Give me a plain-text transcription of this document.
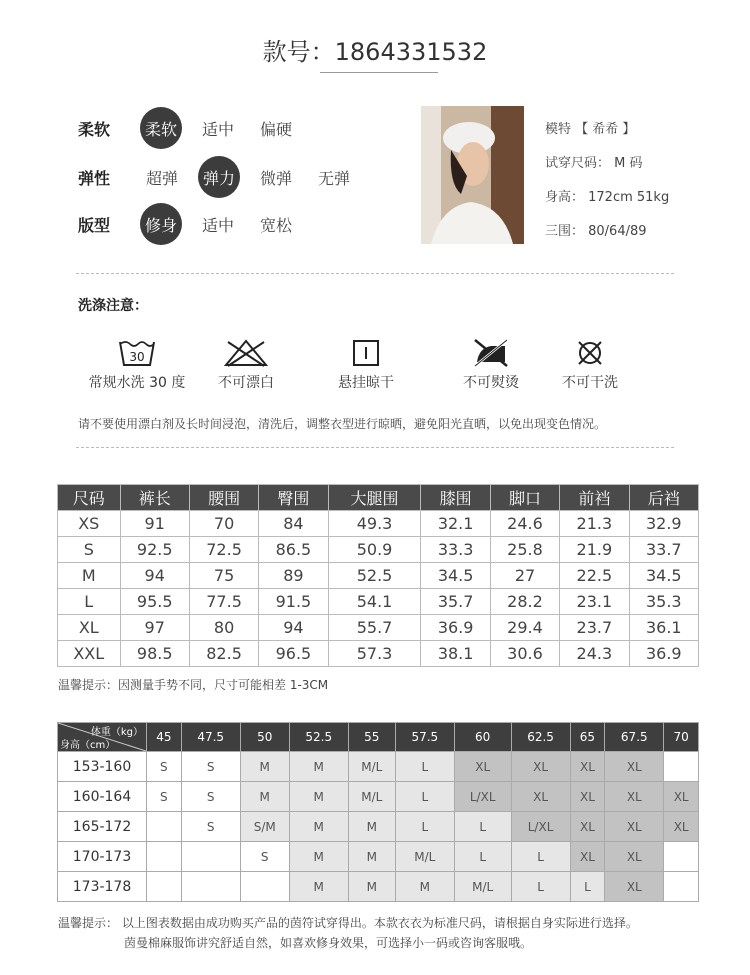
款号：1864331532
柔软	柔软	适中	偏硬
弹性	超弹	弹力	微弹	无弹
版型	修身	适中	宽松
模特 【 希希 】
试穿尺码： M 码
身高： 172cm 51kg
三围： 80/64/89
洗涤注意：
30
常规水洗 30 度	不可漂白	悬挂晾干	不可熨烫	不可干洗
请不要使用漂白剂及长时间浸泡，清洗后，调整衣型进行晾晒，避免阳光直晒，以免出现变色情况。
尺码	裤长	腰围	臀围	大腿围	膝围	脚口	前裆	后裆
XS	91	70	84	49.3	32.1	24.6	21.3	32.9
S	92.5	72.5	86.5	50.9	33.3	25.8	21.9	33.7
M	94	75	89	52.5	34.5	27	22.5	34.5
L	95.5	77.5	91.5	54.1	35.7	28.2	23.1	35.3
XL	97	80	94	55.7	36.9	29.4	23.7	36.1
XXL	98.5	82.5	96.5	57.3	38.1	30.6	24.3	36.9
温馨提示：因测量手势不同，尺寸可能相差 1-3CM
体重（kg）
身高（cm）	45	47.5	50	52.5	55	57.5	60	62.5	65	67.5	70
153-160	S	S	M	M	M/L	L	XL	XL	XL	XL	
160-164	S	S	M	M	M/L	L	L/XL	XL	XL	XL	XL
165-172		S	S/M	M	M	L	L	L/XL	XL	XL	XL
170-173			S	M	M	M/L	L	L	XL	XL	
173-178				M	M	M	M/L	L	L	XL	
温馨提示： 以上图表数据由成功购买产品的茵符试穿得出。本款衣衣为标准尺码，请根据自身实际进行选择。
茵曼棉麻服饰讲究舒适自然，如喜欢修身效果，可选择小一码或咨询客服哦。
